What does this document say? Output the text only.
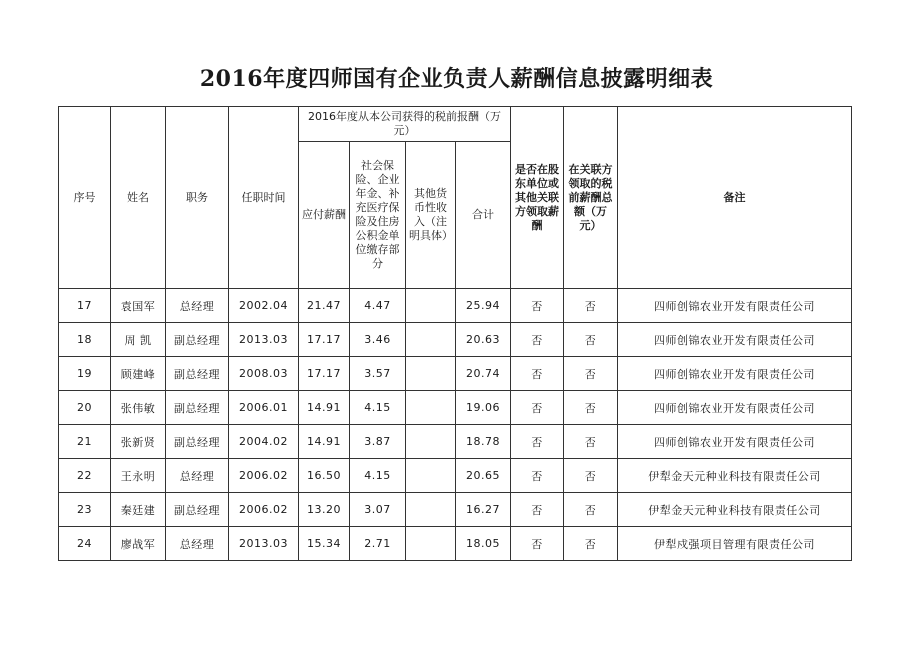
2016年度四师国有企业负责人薪酬信息披露明细表
序号	姓名	职务	任职时间	2016年度从本公司获得的税前报酬（万元）				是否在股东单位或其他关联方领取薪酬	在关联方领取的税前薪酬总额（万元）	备注
				应付薪酬	社会保险、企业年金、补充医疗保险及住房公积金单位缴存部分	其他货币性收入（注明具体）	合计			
17	袁国军	总经理	2002.04	21.47	4.47		25.94	否	否	四师创锦农业开发有限责任公司
18	周 凯	副总经理	2013.03	17.17	3.46		20.63	否	否	四师创锦农业开发有限责任公司
19	顾建峰	副总经理	2008.03	17.17	3.57		20.74	否	否	四师创锦农业开发有限责任公司
20	张伟敏	副总经理	2006.01	14.91	4.15		19.06	否	否	四师创锦农业开发有限责任公司
21	张新贤	副总经理	2004.02	14.91	3.87		18.78	否	否	四师创锦农业开发有限责任公司
22	王永明	总经理	2006.02	16.50	4.15		20.65	否	否	伊犁金天元种业科技有限责任公司
23	秦廷建	副总经理	2006.02	13.20	3.07		16.27	否	否	伊犁金天元种业科技有限责任公司
24	廖战军	总经理	2013.03	15.34	2.71		18.05	否	否	伊犁戍强项目管理有限责任公司
